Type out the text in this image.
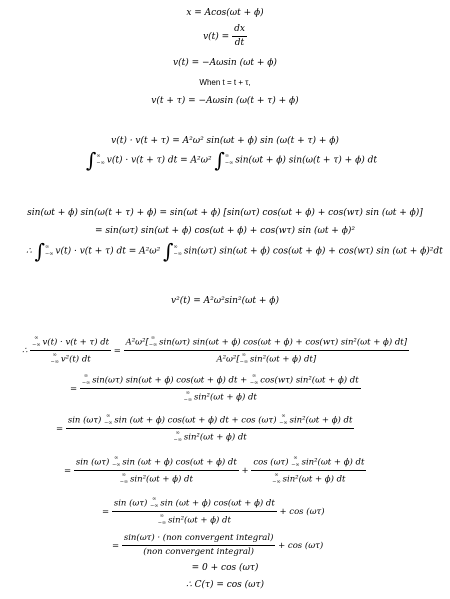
x = Acos(ωt + ϕ)
$v(t) = \frac{dx}{dt}$
v(t) = −Aωsin (ωt + ϕ)
When t = t + τ,
v(t + τ) = −Aωsin (ω(t + τ) + ϕ)
v(t) · v(t + τ) = A²ω² sin(ωt + ϕ) sin (ω(t + τ) + ϕ)
∫ ∞
−∞ v(t) · v(t + τ) dt = A²ω² ∫ ∞
−∞ sin(ωt + ϕ) sin(ω(t + τ) + ϕ) dt
sin(ωt + ϕ) sin(ω(t + τ) + ϕ) = sin(ωt + ϕ) [sin(ωτ) cos(ωt + ϕ) + cos(wτ) sin (ωt + ϕ)]
= sin(ωτ) sin(ωt + ϕ) cos(ωt + ϕ) + cos(wτ) sin (ωt + ϕ)²
∴ ∫ ∞
−∞ v(t) · v(t + τ) dt = A²ω² ∫ ∞
−∞ sin(ωτ) sin(ωt + ϕ) cos(ωt + ϕ) + cos(wτ) sin (ωt + ϕ)²dt
v²(t) = A²ω²sin²(ωt + ϕ)
∴ ∞
−∞ v(t) · v(t + τ) dt
∞
−∞ v²(t) dt =
A²ω²[ ∞
−∞ sin(ωτ) sin(ωt + ϕ) cos(ωt + ϕ) + cos(wτ) sin²(ωt + ϕ) dt]
A²ω²[ ∞
−∞ sin²(ωt + ϕ) dt]
=
∞
−∞ sin(ωτ) sin(ωt + ϕ) cos(ωt + ϕ) dt + ∞
−∞ cos(wτ) sin²(ωt + ϕ) dt
∞
−∞ sin²(ωt + ϕ) dt
=
sin (ωτ) ∞
−∞ sin (ωt + ϕ) cos(ωt + ϕ) dt + cos (ωτ) ∞
−∞ sin²(ωt + ϕ) dt
∞
−∞ sin²(ωt + ϕ) dt
= sin (ωτ) ∞
−∞ sin (ωt + ϕ) cos(ωt + ϕ) dt
∞
−∞ sin²(ωt + ϕ) dt + cos (ωτ) ∞
−∞ sin²(ωt + ϕ) dt
∞
−∞ sin²(ωt + ϕ) dt
= sin (ωτ) ∞
−∞ sin (ωt + ϕ) cos(ωt + ϕ) dt
∞
−∞ sin²(ωt + ϕ) dt + cos (ωτ)
=
sin(ωτ) · (non convergent integral)
(non convergent integral)
+ cos (ωτ)
= 0 + cos (ωτ)
∴ C(τ) = cos (ωτ)
